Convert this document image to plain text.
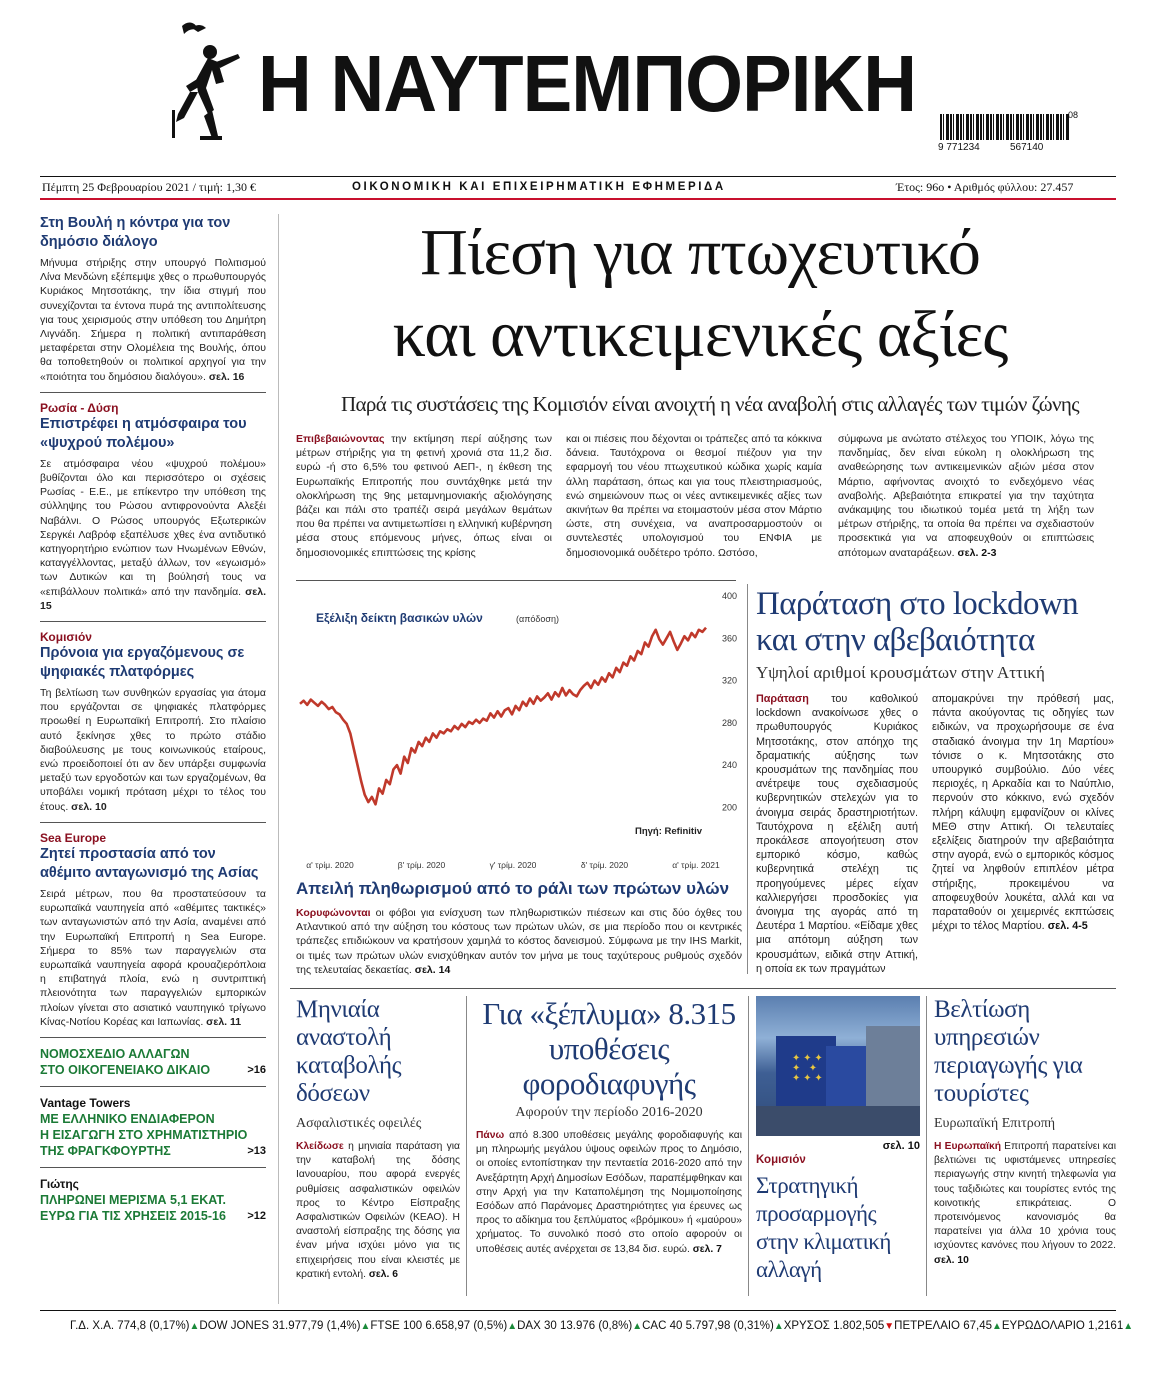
Η ΝΑΥΤΕΜΠΟΡΙΚΗ
9 771234	567140
08
Πέμπτη 25 Φεβρουαρίου 2021 / τιμή: 1,30 €	ΟΙΚΟΝΟΜΙΚΗ ΚΑΙ ΕΠΙΧΕΙΡΗΜΑΤΙΚΗ ΕΦΗΜΕΡΙΔΑ	Έτος: 96ο • Αριθμός φύλλου: 27.457
Στη Βουλή η κόντρα για τον δημόσιο διάλογο
Μήνυμα στήριξης στην υπουργό Πολιτισμού Λίνα Μενδώνη εξέπεμψε χθες ο πρωθυπουργός Κυριάκος Μητσοτάκης, την ίδια στιγμή που συνεχίζονται τα έντονα πυρά της αντιπολίτευσης για τους χειρισμούς στην υπόθεση του Δημήτρη Λιγνάδη. Σήμερα η πολιτική αντιπαράθεση μεταφέρεται στην Ολομέλεια της Βουλής, όπου θα τοποθετηθούν οι πολιτικοί αρχηγοί για την «ποιότητα του δημόσιου διαλόγου». σελ. 16
Ρωσία - Δύση
Επιστρέφει η ατμόσφαιρα του «ψυχρού πολέμου»
Σε ατμόσφαιρα νέου «ψυχρού πολέμου» βυθίζονται όλο και περισσότερο οι σχέσεις Ρωσίας - Ε.Ε., με επίκεντρο την υπόθεση της σύλληψης του Ρώσου αντιφρονούντα Αλεξέι Ναβάλνι. Ο Ρώσος υπουργός Εξωτερικών Σεργκέι Λαβρόφ εξαπέλυσε χθες ένα αντιδυτικό κατηγορητήριο ενώπιον των Ηνωμένων Εθνών, καταγγέλλοντας, μεταξύ άλλων, τον «εγωισμό» των Δυτικών και τη βούλησή τους να «επιβάλλουν πολιτικά» από την πανδημία. σελ. 15
Κομισιόν
Πρόνοια για εργαζόμενους σε ψηφιακές πλατφόρμες
Τη βελτίωση των συνθηκών εργασίας για άτομα που εργάζονται σε ψηφιακές πλατφόρμες προωθεί η Ευρωπαϊκή Επιτροπή. Στο πλαίσιο αυτό ξεκίνησε χθες το πρώτο στάδιο διαβούλευσης με τους κοινωνικούς εταίρους, ενώ προειδοποιεί ότι αν δεν υπάρξει συμφωνία μεταξύ των εργοδοτών και των εργαζομένων, θα υποβάλει νομική πρόταση μέχρι το τέλος του έτους. σελ. 10
Sea Europe
Ζητεί προστασία από τον αθέμιτο ανταγωνισμό της Ασίας
Σειρά μέτρων, που θα προστατεύσουν τα ευρωπαϊκά ναυπηγεία από «αθέμιτες τακτικές» των ανταγωνιστών από την Ασία, αναμένει από την Ευρωπαϊκή Επιτροπή η Sea Europe. Σήμερα το 85% των παραγγελιών στα ευρωπαϊκά ναυπηγεία αφορά κρουαζιερόπλοια η επιβατηγά πλοία, ενώ η συντριπτική πλειονότητα των παραγγελιών εμπορικών πλοίων γίνεται στο ασιατικό ναυπηγικό τρίγωνο Κίνας-Νοτίου Κορέας και Ιαπωνίας. σελ. 11
ΝΟΜΟΣΧΕΔΙΟ ΑΛΛΑΓΩΝ
ΣΤΟ ΟΙΚΟΓΕΝΕΙΑΚΟ ΔΙΚΑΙΟ	>16
Vantage Towers
ΜΕ ΕΛΛΗΝΙΚΟ ΕΝΔΙΑΦΕΡΟΝ
Η ΕΙΣΑΓΩΓΗ ΣΤΟ ΧΡΗΜΑΤΙΣΤΗΡΙΟ
ΤΗΣ ΦΡΑΓΚΦΟΥΡΤΗΣ	>13
Γιώτης
ΠΛΗΡΩΝΕΙ ΜΕΡΙΣΜΑ 5,1 ΕΚΑΤ.
ΕΥΡΩ ΓΙΑ ΤΙΣ ΧΡΗΣΕΙΣ 2015-16	>12
Πίεση για πτωχευτικό
και αντικειμενικές αξίες
Παρά τις συστάσεις της Κομισιόν είναι ανοιχτή η νέα αναβολή στις αλλαγές των τιμών ζώνης
Επιβεβαιώνοντας την εκτίμηση περί αύξησης των μέτρων στήριξης για τη φετινή χρονιά στα 11,2 δισ. ευρώ -ή στο 6,5% του φετινού ΑΕΠ-, η έκθεση της Ευρωπαϊκής Επιτροπής που συντάχθηκε μετά την ολοκλήρωση της 9ης μεταμνημονιακής αξιολόγησης βάζει και πάλι στο τραπέζι σειρά μεγάλων θεμάτων που θα πρέπει να αντιμετωπίσει η ελληνική κυβέρνηση μέσα στους επόμενους μήνες, όπως είναι οι δημοσιονομικές επιπτώσεις της κρίσης
και οι πιέσεις που δέχονται οι τράπεζες από τα κόκκινα δάνεια. Ταυτόχρονα οι θεσμοί πιέζουν για την εφαρμογή του νέου πτωχευτικού κώδικα χωρίς καμία άλλη παράταση, όπως και για τους πλειστηριασμούς, ενώ σημειώνουν πως οι νέες αντικειμενικές αξίες των ακινήτων θα πρέπει να ετοιμαστούν μέσα στον Μάρτιο ώστε, στη συνέχεια, να αναπροσαρμοστούν οι συντελεστές υπολογισμού του ΕΝΦΙΑ με δημοσιονομικά ουδέτερο τρόπο. Ωστόσο,
σύμφωνα με ανώτατο στέλεχος του ΥΠΟΙΚ, λόγω της πανδημίας, δεν είναι εύκολη η ολοκλήρωση της αναθεώρησης των αντικειμενικών αξιών μέσα στον Μάρτιο, αφήνοντας ανοιχτό το ενδεχόμενο νέας αναβολής. Αβεβαιότητα επικρατεί για την ταχύτητα ανάκαμψης του ιδιωτικού τομέα μετά τη λήξη των μέτρων στήριξης, τα οποία θα πρέπει να σχεδιαστούν προσεκτικά για να αποφευχθούν οι επιπτώσεις απότομων αναταράξεων. σελ. 2-3
Εξέλιξη δείκτη βασικών υλών	(απόδοση)
200
240
280
320
360
400
α' τρίμ. 2020	β' τρίμ. 2020	γ' τρίμ. 2020	δ' τρίμ. 2020	α' τρίμ. 2021
Πηγή: Refinitiv
Απειλή πληθωρισμού από το ράλι των πρώτων υλών
Κορυφώνονται οι φόβοι για ενίσχυση των πληθωριστικών πιέσεων και στις δύο όχθες του Ατλαντικού από την αύξηση του κόστους των πρώτων υλών, σε μια περίοδο που οι κεντρικές τράπεζες επιδιώκουν να κρατήσουν χαμηλά το κόστος δανεισμού. Σύμφωνα με την IHS Markit, οι τιμές των πρώτων υλών ενισχύθηκαν αυτόν τον μήνα με τους ταχύτερους ρυθμούς σχεδόν της τελευταίας δεκαετίας. σελ. 14
Παράταση στο lockdown
και στην αβεβαιότητα
Υψηλοί αριθμοί κρουσμάτων στην Αττική
Παράταση του καθολικού lockdown ανακοίνωσε χθες ο πρωθυπουργός Κυριάκος Μητσοτάκης, στον απόηχο της δραματικής αύξησης των κρουσμάτων της πανδημίας που ανέτρεψε τους σχεδιασμούς κυβερνητικών στελεχών για το άνοιγμα σειράς δραστηριοτήτων. Ταυτόχρονα η εξέλιξη αυτή προκάλεσε απογοήτευση στον εμπορικό κόσμο, καθώς κυβερνητικά στελέχη τις προηγούμενες μέρες είχαν καλλιεργήσει προσδοκίες για άνοιγμα της αγοράς από τη Δευτέρα 1 Μαρτίου. «Είδαμε χθες μια απότομη αύξηση των κρουσμάτων, ειδικά στην Αττική, η οποία εκ των πραγμάτων
απομακρύνει την πρόθεσή μας, πάντα ακούγοντας τις οδηγίες των ειδικών, να προχωρήσουμε σε ένα σταδιακό άνοιγμα την 1η Μαρτίου» τόνισε ο κ. Μητσοτάκης στο υπουργικό συμβούλιο. Δύο νέες περιοχές, η Αρκαδία και το Ναύπλιο, περνούν στο κόκκινο, ενώ σχεδόν πλήρη κάλυψη εμφανίζουν οι κλίνες ΜΕΘ στην Αττική. Οι τελευταίες εξελίξεις διατηρούν την αβεβαιότητα στην αγορά, ενώ ο εμπορικός κόσμος ζητεί να ληφθούν επιπλέον μέτρα στήριξης, προκειμένου να αποφευχθούν λουκέτα, αλλά και να παραταθούν οι χειμερινές εκπτώσεις μέχρι το τέλος Μαρτίου. σελ. 4-5
Μηνιαία αναστολή καταβολής δόσεων
Ασφαλιστικές οφειλές
Κλείδωσε η μηνιαία παράταση για την καταβολή της δόσης Ιανουαρίου, που αφορά ενεργές ρυθμίσεις ασφαλιστικών οφειλών προς το Κέντρο Είσπραξης Ασφαλιστικών Οφειλών (ΚΕΑΟ). Η αναστολή είσπραξης της δόσης για έναν μήνα ισχύει μόνο για τις επιχειρήσεις που είναι κλειστές με κρατική εντολή. σελ. 6
Για «ξέπλυμα» 8.315 υποθέσεις φοροδιαφυγής
Αφορούν την περίοδο 2016-2020
Πάνω από 8.300 υποθέσεις μεγάλης φοροδιαφυγής και μη πληρωμής μεγάλου ύψους οφειλών προς το Δημόσιο, οι οποίες εντοπίστηκαν την πενταετία 2016-2020 από την Ανεξάρτητη Αρχή Δημοσίων Εσόδων, παραπέμφθηκαν και στην Αρχή για την Καταπολέμηση της Νομιμοποίησης Εσόδων από Παράνομες Δραστηριότητες για έρευνες ως προς το αδίκημα του ξεπλύματος «βρόμικου» ή «μαύρου» χρήματος. Το συνολικό ποσό στο οποίο αφορούν οι υποθέσεις αυτές ανέρχεται σε 13,84 δισ. ευρώ. σελ. 7
✦ ✦ ✦
✦   ✦
✦ ✦ ✦
σελ. 10
Κομισιόν
Στρατηγική προσαρμογής στην κλιματική αλλαγή
Βελτίωση υπηρεσιών περιαγωγής για τουρίστες
Ευρωπαϊκή Επιτροπή
Η Ευρωπαϊκή Επιτροπή παρατείνει και βελτιώνει τις υφιστάμενες υπηρεσίες περιαγωγής στην κινητή τηλεφωνία για τους ταξιδιώτες και τουρίστες εντός της κοινοτικής επικράτειας. Ο προτεινόμενος κανονισμός θα παρατείνει για άλλα 10 χρόνια τους ισχύοντες κανόνες που λήγουν το 2022. σελ. 10
Γ.Δ. Χ.Α. 774,8 (0,17%)▲ DOW JONES 31.977,79 (1,4%)▲ FTSE 100 6.658,97 (0,5%)▲ DAX 30 13.976 (0,8%)▲ CAC 40 5.797,98 (0,31%)▲ ΧΡΥΣΟΣ 1.802,505▼ ΠΕΤΡΕΛΑΙΟ 67,45▲ ΕΥΡΩΔΟΛΑΡΙΟ 1,2161▲
